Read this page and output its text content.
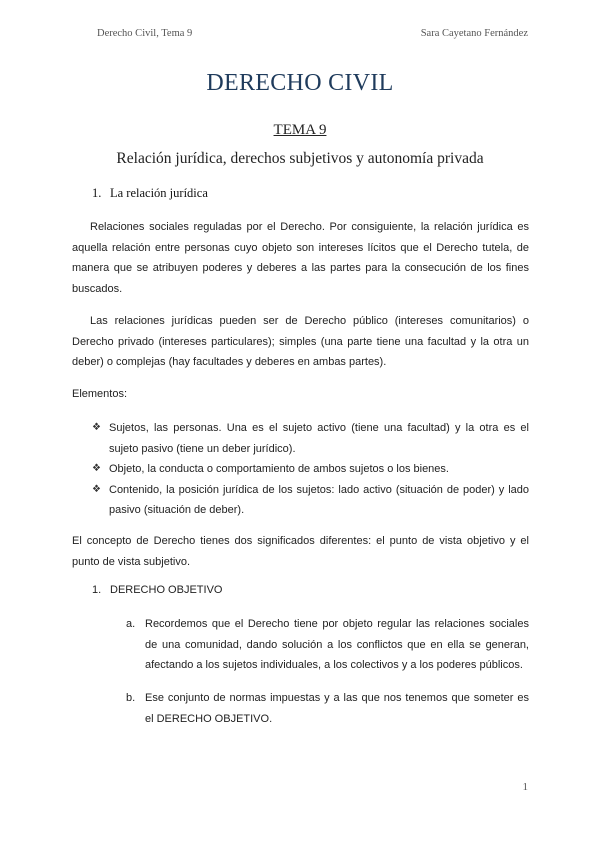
Derecho Civil, Tema 9	Sara Cayetano Fernández
DERECHO CIVIL
TEMA 9
Relación jurídica, derechos subjetivos y autonomía privada
1. La relación jurídica
Relaciones sociales reguladas por el Derecho. Por consiguiente, la relación jurídica es aquella relación entre personas cuyo objeto son intereses lícitos que el Derecho tutela, de manera que se atribuyen poderes y deberes a las partes para la consecución de los fines buscados.
Las relaciones jurídicas pueden ser de Derecho público (intereses comunitarios) o Derecho privado (intereses particulares); simples (una parte tiene una facultad y la otra un deber) o complejas (hay facultades y deberes en ambas partes).
Elementos:
❖ Sujetos, las personas. Una es el sujeto activo (tiene una facultad) y la otra es el sujeto pasivo (tiene un deber jurídico).
❖ Objeto, la conducta o comportamiento de ambos sujetos o los bienes.
❖ Contenido, la posición jurídica de los sujetos: lado activo (situación de poder) y lado pasivo (situación de deber).
El concepto de Derecho tienes dos significados diferentes: el punto de vista objetivo y el punto de vista subjetivo.
1. DERECHO OBJETIVO
a. Recordemos que el Derecho tiene por objeto regular las relaciones sociales de una comunidad, dando solución a los conflictos que en ella se generan, afectando a los sujetos individuales, a los colectivos y a los poderes públicos.
b. Ese conjunto de normas impuestas y a las que nos tenemos que someter es el DERECHO OBJETIVO.
1
